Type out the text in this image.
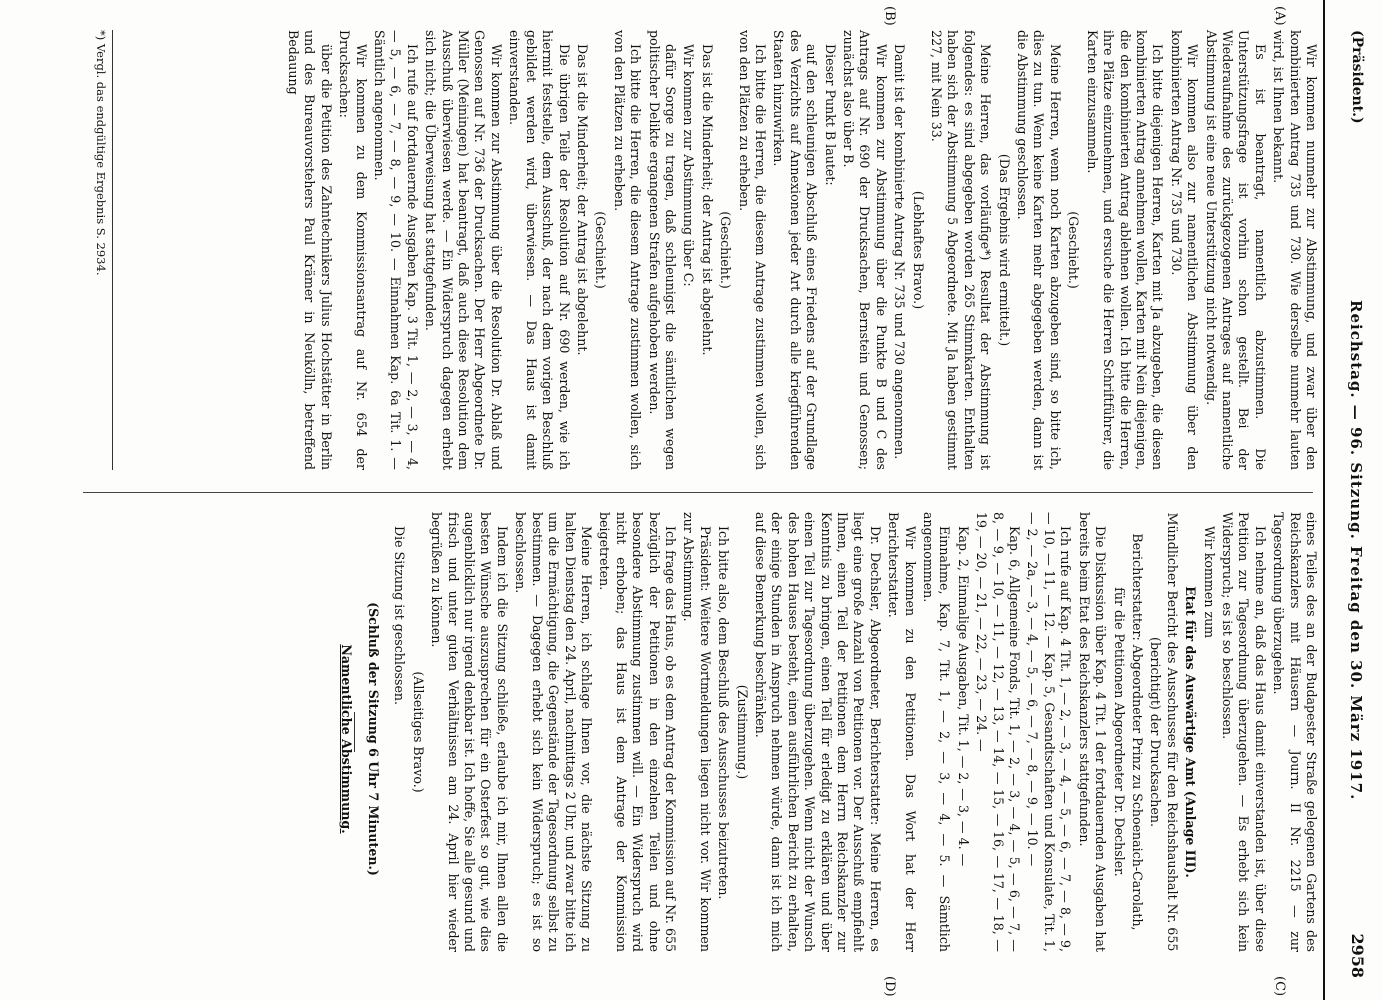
(Präsident.)
Reichstag. — 96. Sitzung. Freitag den 30. März 1917.
2958
(A)
(B)
(C)
(D)

Wir kommen nunmehr zur Abstimmung, und zwar über den kombinierten Antrag 735 und 730. Wie derselbe nunmehr lauten wird, ist Ihnen bekannt.

Es ist beantragt, namentlich abzustimmen. Die Unterstützungsfrage ist vorhin schon gestellt. Bei der Wiederaufnahme des zurückgezogenen Antrages auf namentliche Abstimmung ist eine neue Unterstützung nicht notwendig.

Wir kommen also zur namentlichen Abstimmung über den kombinierten Antrag Nr. 735 und 730.

Ich bitte diejenigen Herren, Karten mit Ja abzugeben, die diesen kombinierten Antrag annehmen wollen, Karten mit Nein diejenigen, die den kombinierten Antrag ablehnen wollen. Ich bitte die Herren, ihre Plätze einzunehmen, und ersuche die Herren Schriftführer, die Karten einzusammeln.

(Geschieht.)

Meine Herren, wenn noch Karten abzugeben sind, so bitte ich, dies zu tun. Wenn keine Karten mehr abgegeben werden, dann ist die Abstimmung geschlossen.

(Das Ergebnis wird ermittelt.)

Meine Herren, das vorläufige*) Resultat der Abstimmung ist folgendes: es sind abgegeben worden 265 Stimmkarten. Enthalten haben sich der Abstimmung 5 Abgeordnete. Mit Ja haben gestimmt 227, mit Nein 33.

(Lebhaftes Bravo.)

Damit ist der kombinierte Antrag Nr. 735 und 730 angenommen.

Wir kommen zur Abstimmung über die Punkte B und C des Antrags auf Nr. 690 der Drucksachen, Bernstein und Genossen; zunächst also über B.

Dieser Punkt B lautet:

auf den schleunigen Abschluß eines Friedens auf der Grundlage des Verzichts auf Annexionen jeder Art durch alle kriegführenden Staaten hinzuwirken.

Ich bitte die Herren, die diesem Antrage zustimmen wollen, sich von den Plätzen zu erheben.

(Geschieht.)

Das ist die Minderheit; der Antrag ist abgelehnt.

Wir kommen zur Abstimmung über C:

dafür Sorge zu tragen, daß schleunigst die sämtlichen wegen politischer Delikte ergangenen Strafen aufgehoben werden.

Ich bitte die Herren, die diesem Antrage zustimmen wollen, sich von den Plätzen zu erheben.

(Geschieht.)

Das ist die Minderheit; der Antrag ist abgelehnt.

Die übrigen Teile der Resolution auf Nr. 690 werden, wie ich hiermit feststelle, dem Ausschuß, der nach dem vorigen Beschluß gebildet werden wird, überwiesen. — Das Haus ist damit einverstanden.

Wir kommen zur Abstimmung über die Resolution Dr. Ablaß und Genossen auf Nr. 736 der Drucksachen. Der Herr Abgeordnete Dr. Müller (Meiningen) hat beantragt, daß auch diese Resolution dem Ausschuß überwiesen werde. — Ein Widerspruch dagegen erhebt sich nicht; die Überweisung hat stattgefunden.

Ich rufe auf fortdauernde Ausgaben Kap. 3 Tit. 1, — 2, — 3, — 4, — 5, — 6, — 7, — 8, — 9, — 10. — Einnahmen Kap. 6a Tit. 1. — Sämtlich angenommen.

Wir kommen zu dem Kommissionsantrag auf Nr. 654 der Drucksachen:

über die Petition des Zahntechnikers Julius Hochstätter in Berlin und des Bureauvorstehers Paul Krämer in Neukölln, betreffend Bedauung

eines Teiles des an der Budapester Straße gelegenen Gartens des Reichskanzlers mit Häusern — Journ. II Nr. 2215 — zur Tagesordnung überzugehen.

Ich nehme an, daß das Haus damit einverstanden ist, über diese Petition zur Tagesordnung überzugehen. — Es erhebt sich kein Widerspruch; es ist so beschlossen.

Wir kommen zum

Etat für das Auswärtige Amt (Anlage III).

Mündlicher Bericht des Ausschusses für den Reichshaushalt Nr. 655 (berichtigt) der Drucksachen.

Berichterstatter: Abgeordneter Prinz zu Schoenaich-Carolath,

für die Petitionen Abgeordneter Dr. Dechsler.

Die Diskussion über Kap. 4 Tit. 1 der fortdauernden Ausgaben hat bereits beim Etat des Reichskanzlers stattgefunden.

Ich rufe auf Kap. 4 Tit. 1, — 2, — 3, — 4, — 5, — 6, — 7, — 8, — 9, — 10, — 11, — 12. — Kap. 5, Gesandtschaften und Konsulate, Tit. 1, — 2, — 2a, — 3, — 4, — 5, — 6, — 7, — 8, — 9, — 10. —

Kap. 6, Allgemeine Fonds, Tit. 1, — 2, — 3, — 4, — 5, — 6, — 7, — 8, — 9, — 10, — 11, — 12, — 13, — 14, — 15, — 16, — 17, — 18, — 19, — 20, — 21, — 22, — 23, — 24. —

Kap. 2, Einmalige Ausgaben, Tit. 1, — 2, — 3, — 4. —

Einnahme, Kap. 7, Tit. 1, — 2, — 3, — 4, — 5. — Sämtlich angenommen.

Wir kommen zu den Petitionen. Das Wort hat der Herr Berichterstatter.

Dr. Dechsler, Abgeordneter, Berichterstatter: Meine Herren, es liegt eine große Anzahl von Petitionen vor. Der Ausschuß empfiehlt Ihnen, einen Teil der Petitionen dem Herrn Reichskanzler zur Kenntnis zu bringen, einen Teil für erledigt zu erklären und über einen Teil zur Tagesordnung überzugehen. Wenn nicht der Wunsch des hohen Hauses besteht, einen ausführlichen Bericht zu erhalten, der einige Stunden in Anspruch nehmen würde, dann ist ich mich auf diese Bemerkung beschränken.

(Zustimmung.)

Ich bitte also, dem Beschluß des Ausschusses beizutreten.

Präsident: Weitere Wortmeldungen liegen nicht vor. Wir kommen zur Abstimmung.

Ich frage das Haus, ob es dem Antrag der Kommission auf Nr. 655 bezüglich der Petitionen in den einzelnen Teilen und ohne besondere Abstimmung zustimmen will. — Ein Widerspruch wird nicht erhoben; das Haus ist dem Antrage der Kommission beigetreten.

Meine Herren, ich schlage Ihnen vor, die nächste Sitzung zu halten Dienstag den 24. April, nachmittags 2 Uhr, und zwar bitte ich um die Ermächtigung, die Gegenstände der Tagesordnung selbst zu bestimmen. — Dagegen erhebt sich kein Widerspruch; es ist so beschlossen.

Indem ich die Sitzung schließe, erlaube ich mir, Ihnen allen die besten Wünsche auszusprechen für ein Osterfest so gut, wie dies augenblicklich nur irgend denkbar ist. Ich hoffe, Sie alle gesund und frisch und unter guten Verhältnissen am 24. April hier wieder begrüßen zu können.

(Allseitiges Bravo.)

Die Sitzung ist geschlossen.

(Schluß der Sitzung 6 Uhr 7 Minuten.)

Namentliche Abstimmung.

*) Vergl. das endgültige Ergebnis S. 2934.
